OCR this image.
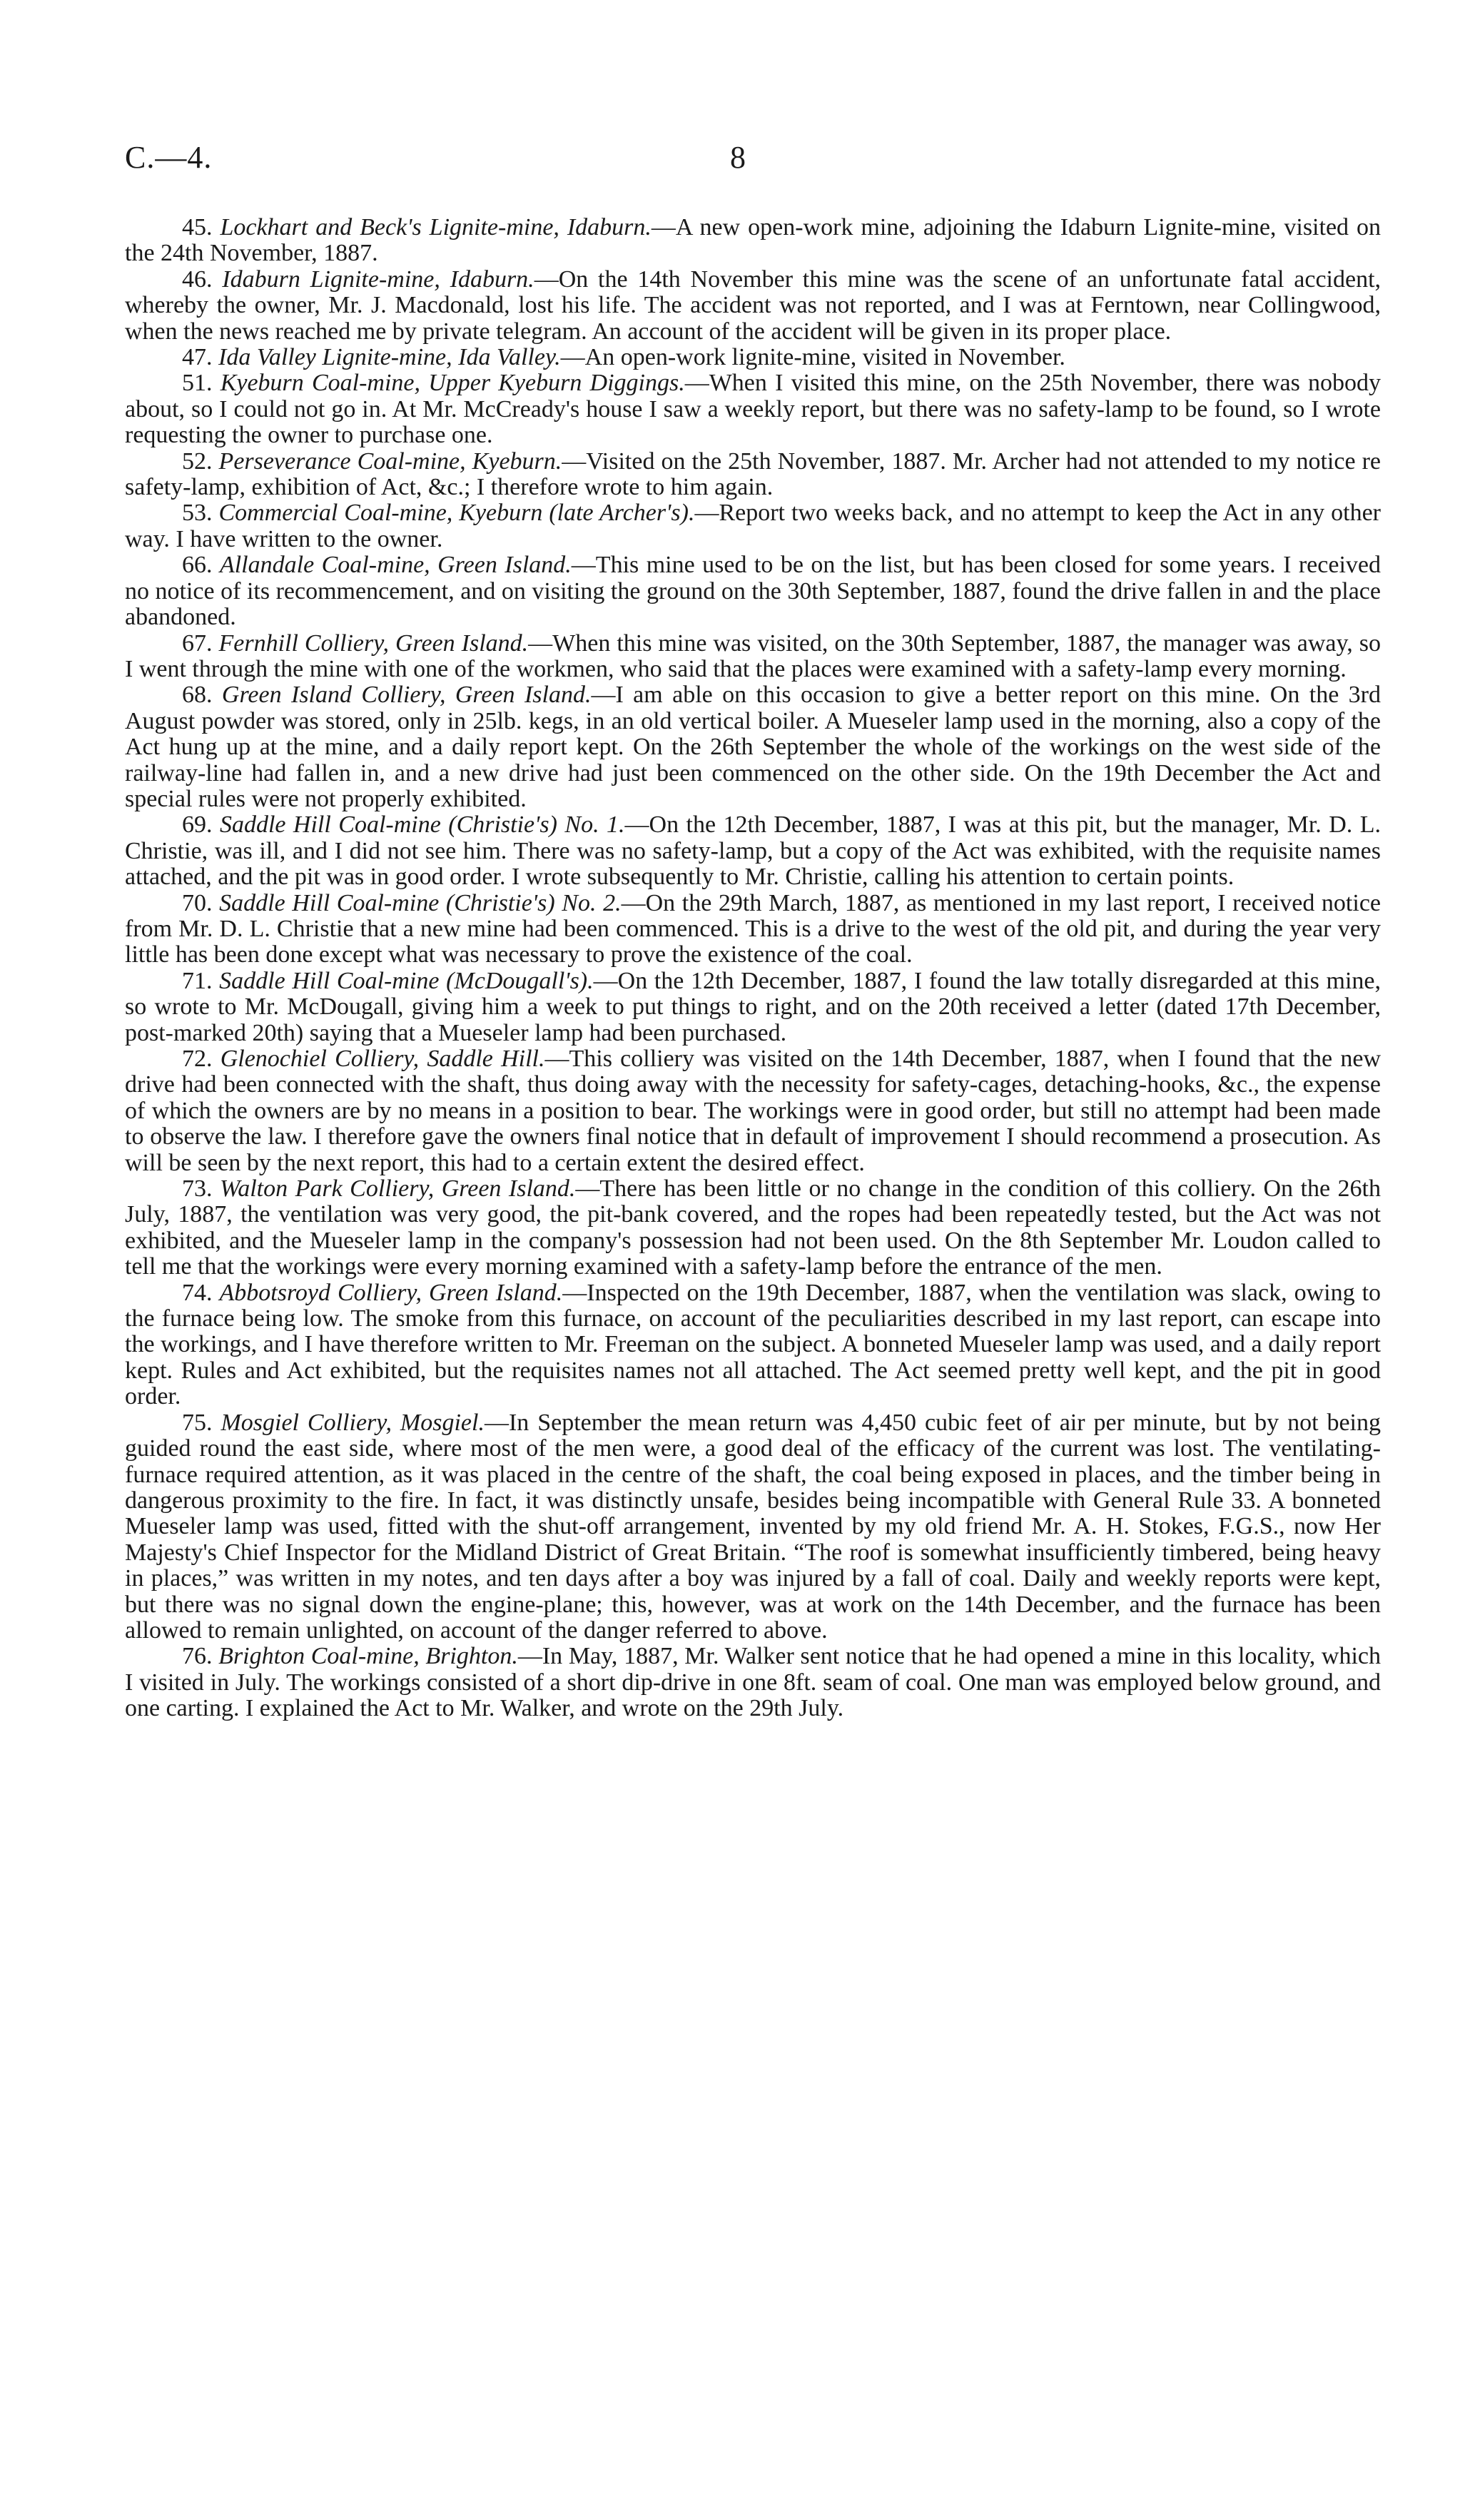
C.—4.	8

45. Lockhart and Beck's Lignite-mine, Idaburn.—A new open-work mine, adjoining the Idaburn Lignite-mine, visited on the 24th November, 1887.

46. Idaburn Lignite-mine, Idaburn.—On the 14th November this mine was the scene of an unfortunate fatal accident, whereby the owner, Mr. J. Macdonald, lost his life. The accident was not reported, and I was at Ferntown, near Collingwood, when the news reached me by private telegram. An account of the accident will be given in its proper place.

47. Ida Valley Lignite-mine, Ida Valley.—An open-work lignite-mine, visited in November.

51. Kyeburn Coal-mine, Upper Kyeburn Diggings.—When I visited this mine, on the 25th November, there was nobody about, so I could not go in. At Mr. McCready's house I saw a weekly report, but there was no safety-lamp to be found, so I wrote requesting the owner to purchase one.

52. Perseverance Coal-mine, Kyeburn.—Visited on the 25th November, 1887. Mr. Archer had not attended to my notice re safety-lamp, exhibition of Act, &c.; I therefore wrote to him again.

53. Commercial Coal-mine, Kyeburn (late Archer's).—Report two weeks back, and no attempt to keep the Act in any other way. I have written to the owner.

66. Allandale Coal-mine, Green Island.—This mine used to be on the list, but has been closed for some years. I received no notice of its recommencement, and on visiting the ground on the 30th September, 1887, found the drive fallen in and the place abandoned.

67. Fernhill Colliery, Green Island.—When this mine was visited, on the 30th September, 1887, the manager was away, so I went through the mine with one of the workmen, who said that the places were examined with a safety-lamp every morning.

68. Green Island Colliery, Green Island.—I am able on this occasion to give a better report on this mine. On the 3rd August powder was stored, only in 25lb. kegs, in an old vertical boiler. A Mueseler lamp used in the morning, also a copy of the Act hung up at the mine, and a daily report kept. On the 26th September the whole of the workings on the west side of the railway-line had fallen in, and a new drive had just been commenced on the other side. On the 19th December the Act and special rules were not properly exhibited.

69. Saddle Hill Coal-mine (Christie's) No. 1.—On the 12th December, 1887, I was at this pit, but the manager, Mr. D. L. Christie, was ill, and I did not see him. There was no safety-lamp, but a copy of the Act was exhibited, with the requisite names attached, and the pit was in good order. I wrote subsequently to Mr. Christie, calling his attention to certain points.

70. Saddle Hill Coal-mine (Christie's) No. 2.—On the 29th March, 1887, as mentioned in my last report, I received notice from Mr. D. L. Christie that a new mine had been commenced. This is a drive to the west of the old pit, and during the year very little has been done except what was necessary to prove the existence of the coal.

71. Saddle Hill Coal-mine (McDougall's).—On the 12th December, 1887, I found the law totally disregarded at this mine, so wrote to Mr. McDougall, giving him a week to put things to right, and on the 20th received a letter (dated 17th December, post-marked 20th) saying that a Mueseler lamp had been purchased.

72. Glenochiel Colliery, Saddle Hill.—This colliery was visited on the 14th December, 1887, when I found that the new drive had been connected with the shaft, thus doing away with the necessity for safety-cages, detaching-hooks, &c., the expense of which the owners are by no means in a position to bear. The workings were in good order, but still no attempt had been made to observe the law. I therefore gave the owners final notice that in default of improvement I should recommend a prosecution. As will be seen by the next report, this had to a certain extent the desired effect.

73. Walton Park Colliery, Green Island.—There has been little or no change in the condition of this colliery. On the 26th July, 1887, the ventilation was very good, the pit-bank covered, and the ropes had been repeatedly tested, but the Act was not exhibited, and the Mueseler lamp in the company's possession had not been used. On the 8th September Mr. Loudon called to tell me that the workings were every morning examined with a safety-lamp before the entrance of the men.

74. Abbotsroyd Colliery, Green Island.—Inspected on the 19th December, 1887, when the ventilation was slack, owing to the furnace being low. The smoke from this furnace, on account of the peculiarities described in my last report, can escape into the workings, and I have therefore written to Mr. Freeman on the subject. A bonneted Mueseler lamp was used, and a daily report kept. Rules and Act exhibited, but the requisites names not all attached. The Act seemed pretty well kept, and the pit in good order.

75. Mosgiel Colliery, Mosgiel.—In September the mean return was 4,450 cubic feet of air per minute, but by not being guided round the east side, where most of the men were, a good deal of the efficacy of the current was lost. The ventilating-furnace required attention, as it was placed in the centre of the shaft, the coal being exposed in places, and the timber being in dangerous proximity to the fire. In fact, it was distinctly unsafe, besides being incompatible with General Rule 33. A bonneted Mueseler lamp was used, fitted with the shut-off arrangement, invented by my old friend Mr. A. H. Stokes, F.G.S., now Her Majesty's Chief Inspector for the Midland District of Great Britain. “The roof is somewhat insufficiently timbered, being heavy in places,” was written in my notes, and ten days after a boy was injured by a fall of coal. Daily and weekly reports were kept, but there was no signal down the engine-plane; this, however, was at work on the 14th December, and the furnace has been allowed to remain unlighted, on account of the danger referred to above.

76. Brighton Coal-mine, Brighton.—In May, 1887, Mr. Walker sent notice that he had opened a mine in this locality, which I visited in July. The workings consisted of a short dip-drive in one 8ft. seam of coal. One man was employed below ground, and one carting. I explained the Act to Mr. Walker, and wrote on the 29th July.
